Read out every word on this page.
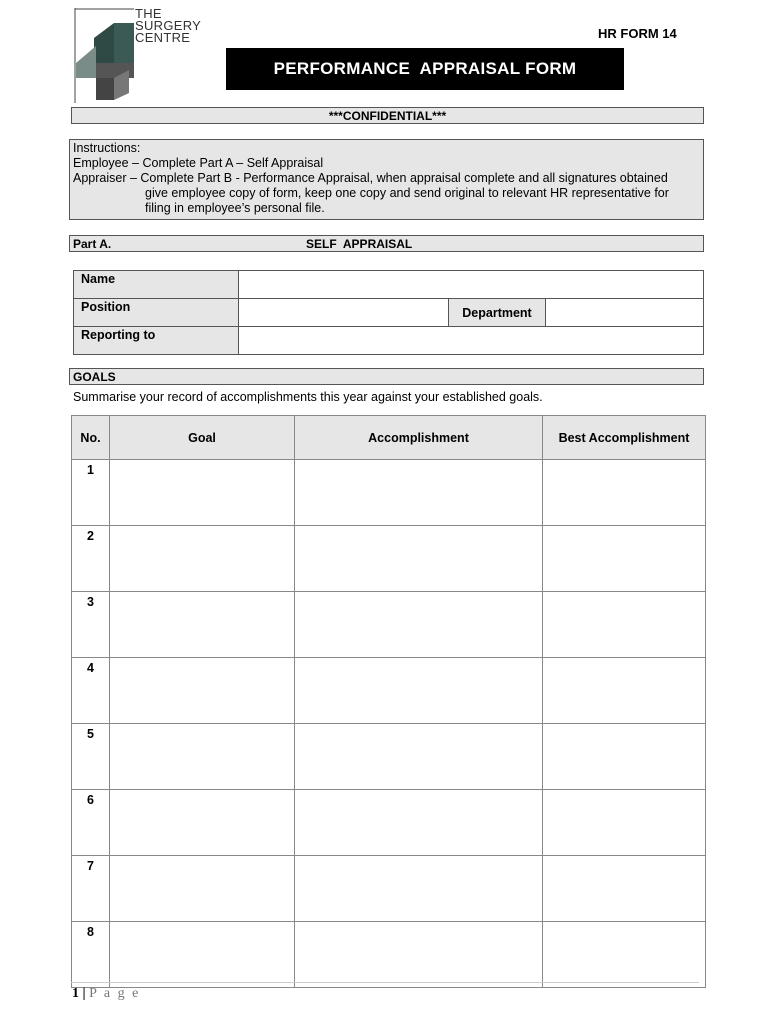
THE
SURGERY
CENTRE	HR FORM 14
PERFORMANCE  APPRAISAL FORM
***CONFIDENTIAL***
Instructions:
Employee – Complete Part A – Self Appraisal
Appraiser – Complete Part B - Performance Appraisal, when appraisal complete and all signatures obtained
give employee copy of form, keep one copy and send original to relevant HR representative for
filing in employee’s personal file.
Part A.	SELF  APPRAISAL
Name			
Position		Department	
Reporting to			
GOALS
Summarise your record of accomplishments this year against your established goals.
No.	Goal	Accomplishment	Best Accomplishment
1			
2			
3			
4			
5			
6			
7			
8			
1 | P a g e
